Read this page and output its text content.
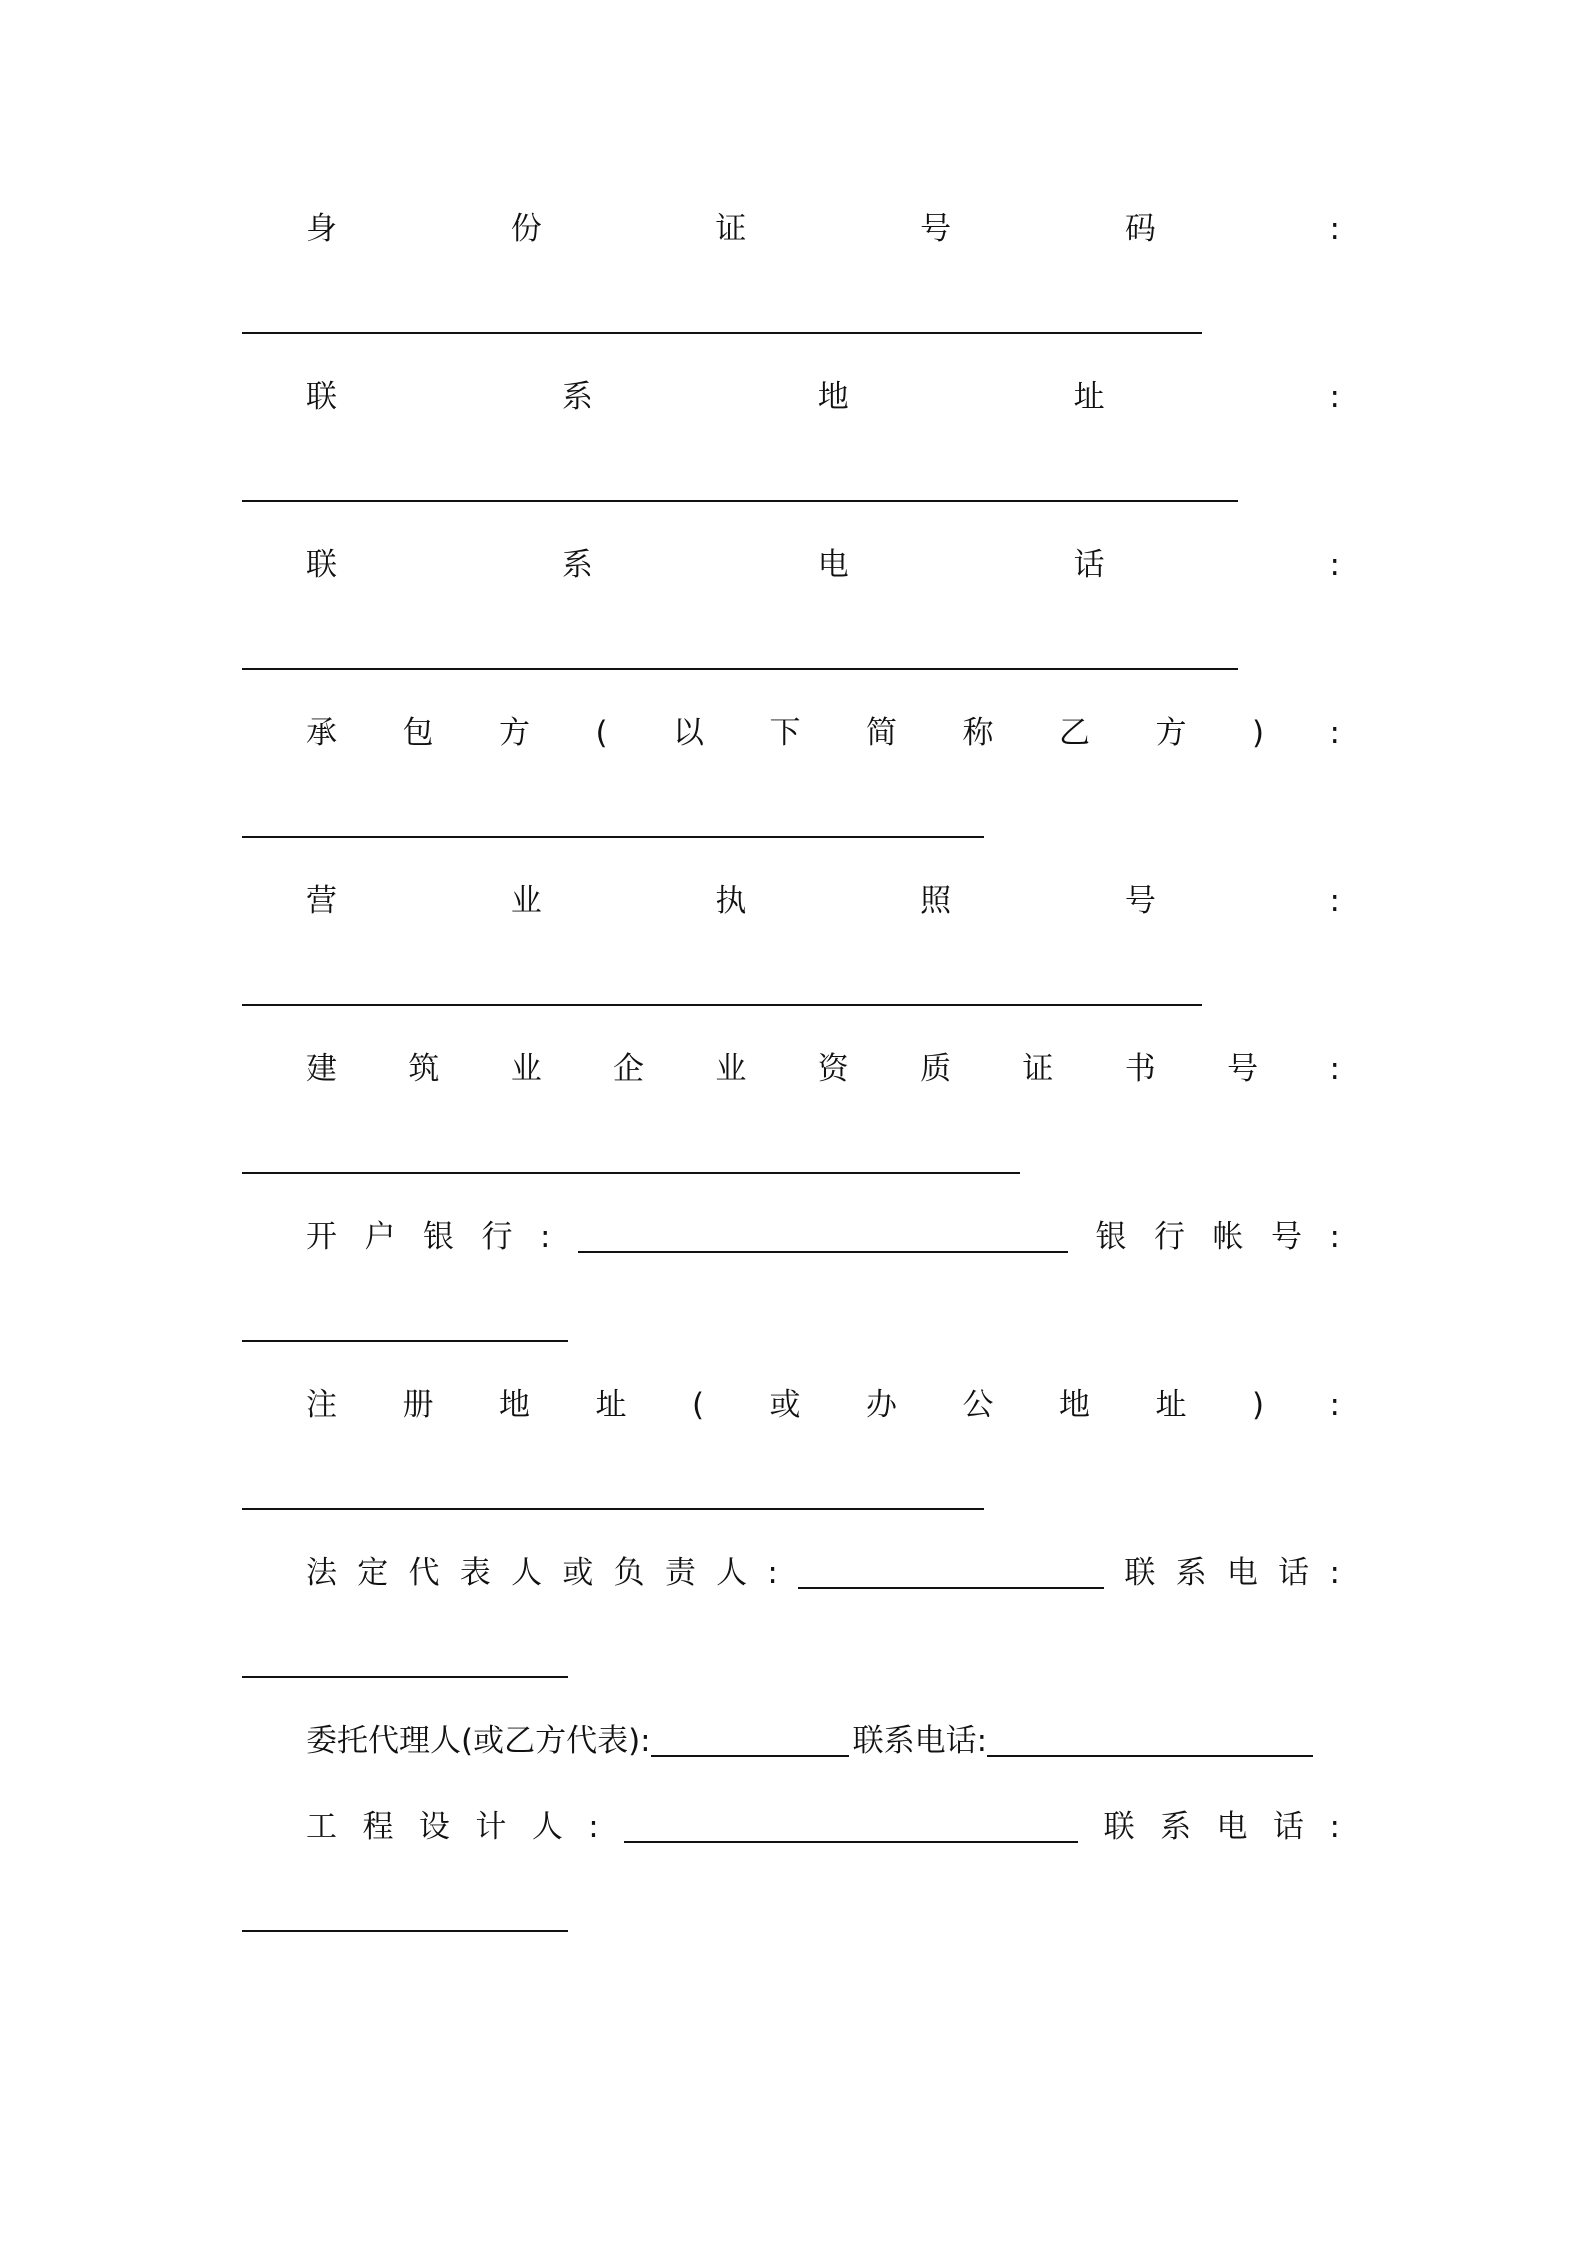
身	份	证	号	码	:
联	系	地	址	:
联	系	电	话	:
承 包 方 ( 以 下 简 称 乙 方 ) :
营	业	执	照	号	:
建 筑 业 企 业 资 质 证 书 号 :
开 户 银 行 :	银 行 帐 号 :
注 册 地 址 ( 或 办 公 地 址 ) :
法 定 代 表 人 或 负 责 人 :	联 系 电 话 :
委托代理人(或乙方代表):	联系电话:
工 程 设 计 人 :	联 系 电 话 :
